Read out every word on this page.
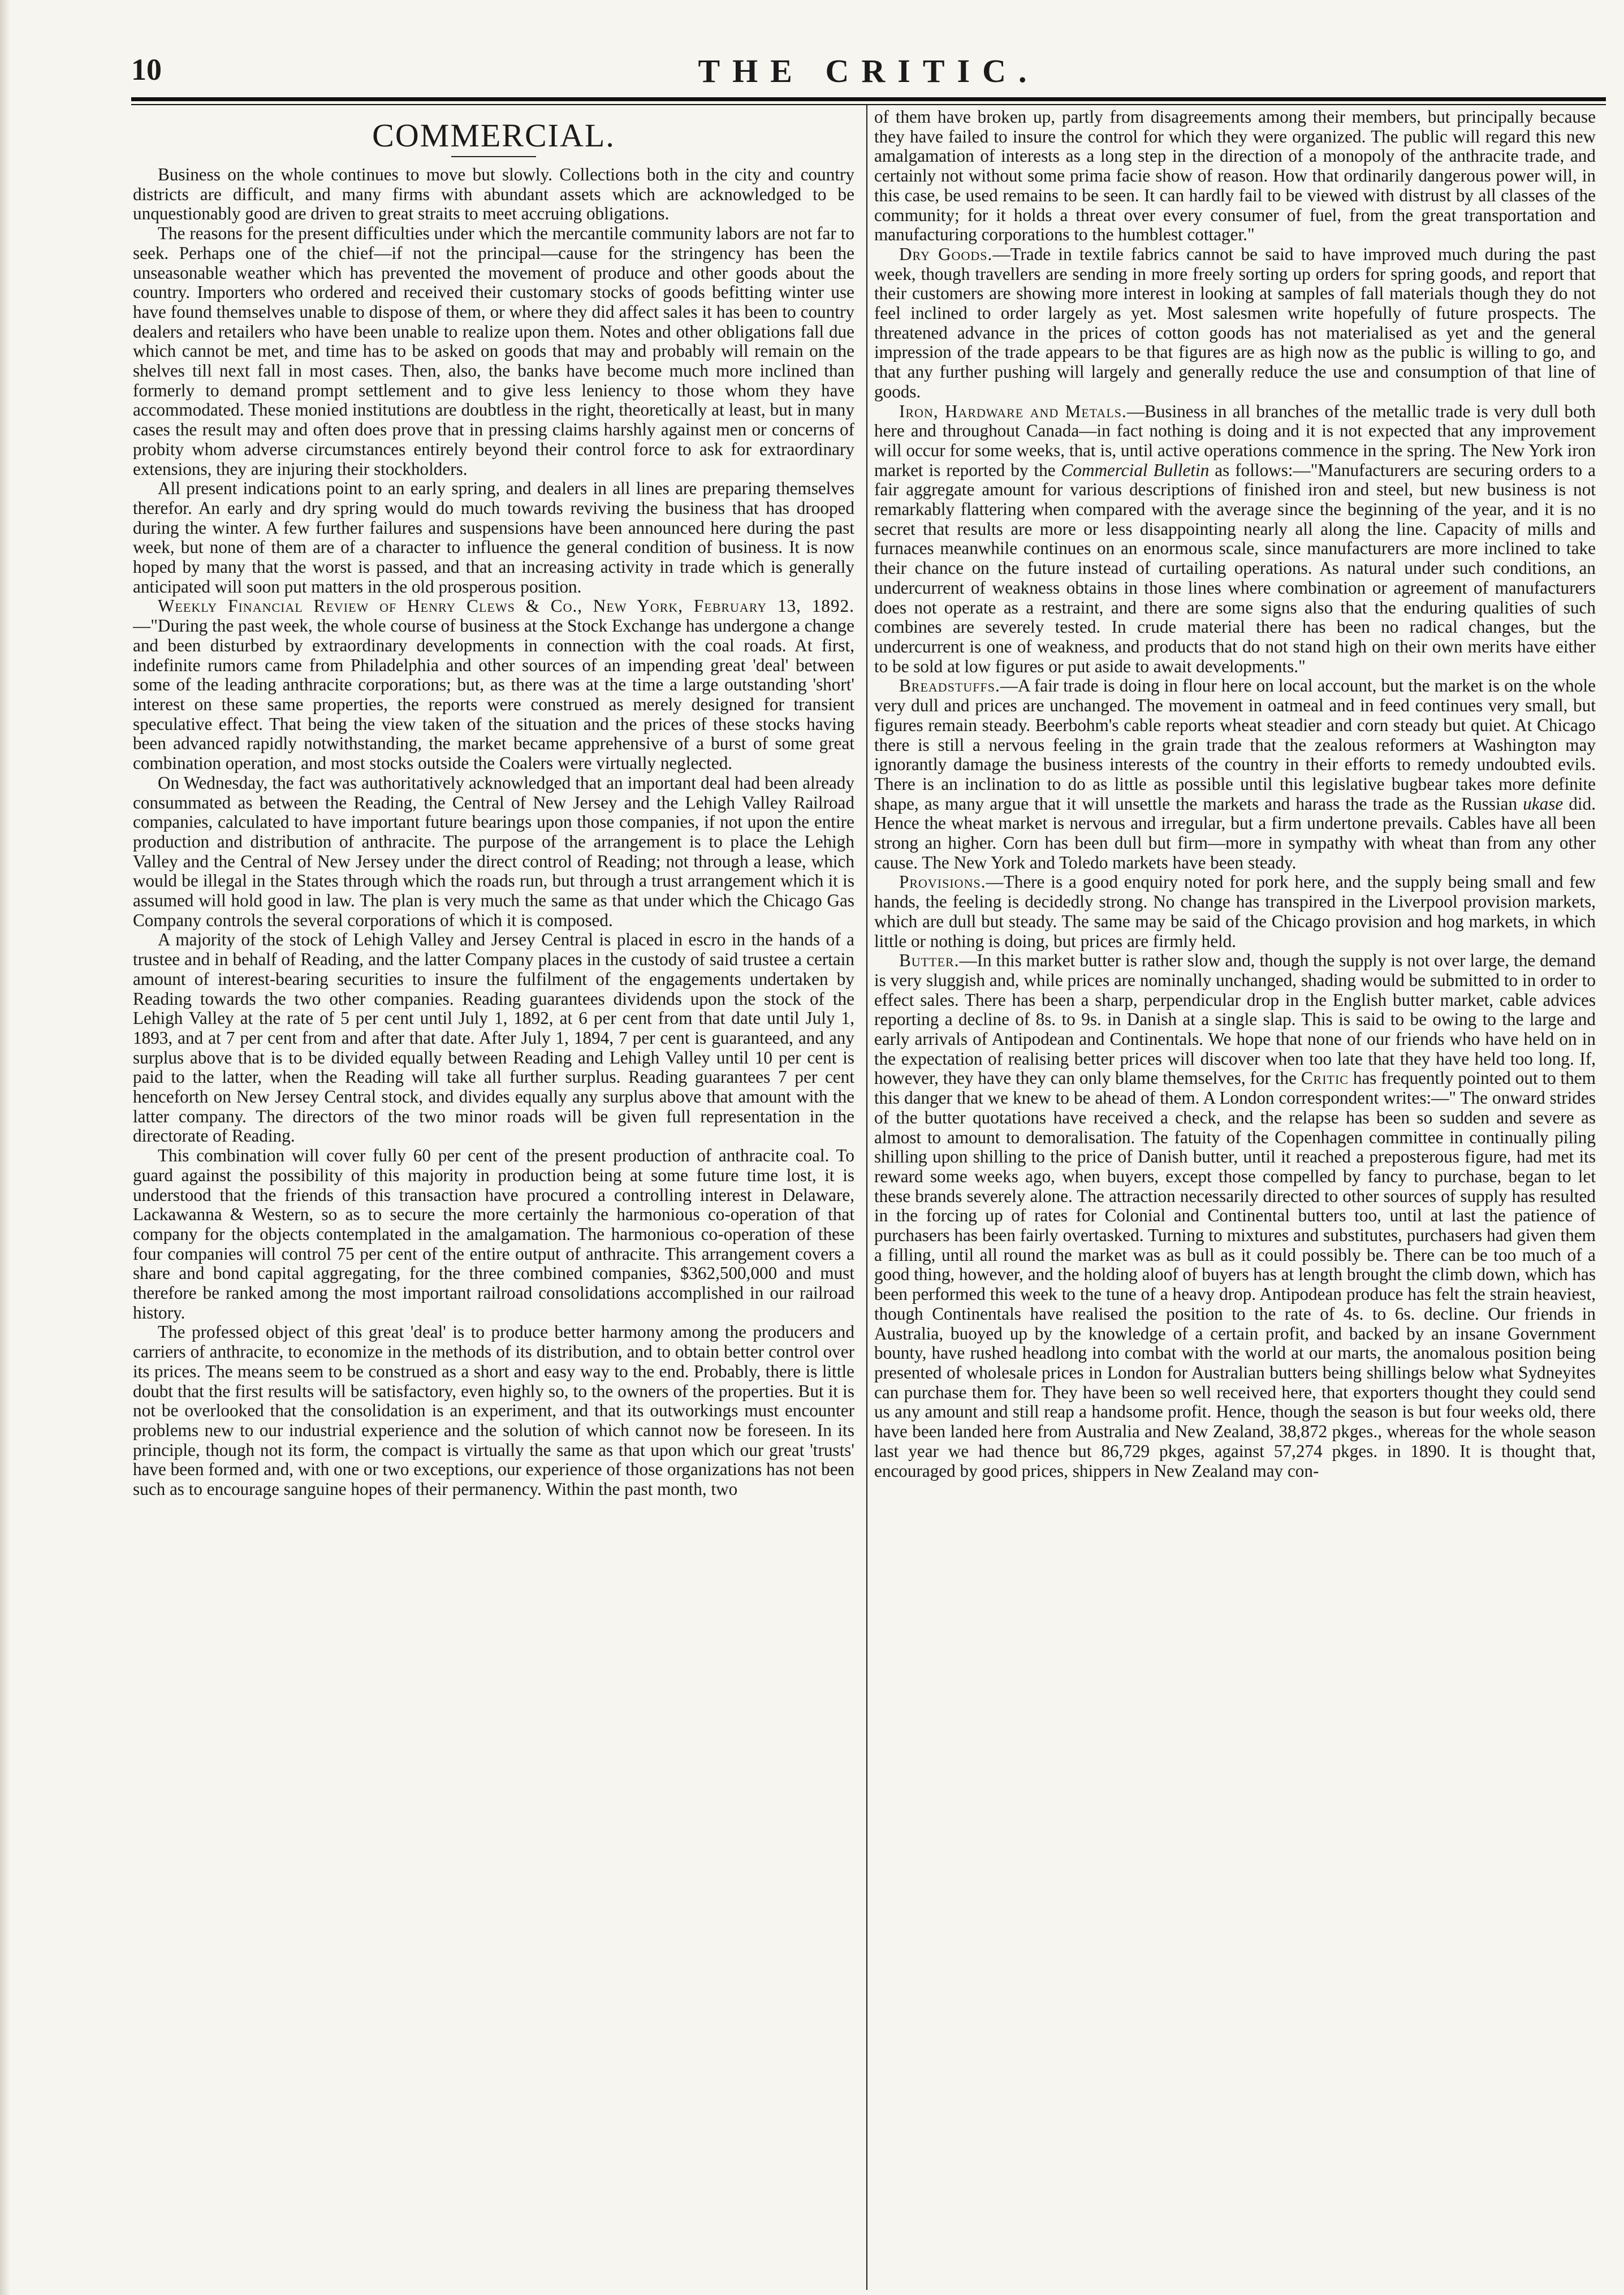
10	THE CRITIC.
COMMERCIAL.

Business on the whole continues to move but slowly. Collections both in the city and country districts are difficult, and many firms with abundant assets which are acknowledged to be unquestionably good are driven to great straits to meet accruing obligations.

The reasons for the present difficulties under which the mercantile community labors are not far to seek. Perhaps one of the chief—if not the principal—cause for the stringency has been the unseasonable weather which has prevented the movement of produce and other goods about the country. Importers who ordered and received their customary stocks of goods befitting winter use have found themselves unable to dispose of them, or where they did affect sales it has been to country dealers and retailers who have been unable to realize upon them. Notes and other obligations fall due which cannot be met, and time has to be asked on goods that may and probably will remain on the shelves till next fall in most cases. Then, also, the banks have become much more inclined than formerly to demand prompt settlement and to give less leniency to those whom they have accommodated. These monied institutions are doubtless in the right, theoretically at least, but in many cases the result may and often does prove that in pressing claims harshly against men or concerns of probity whom adverse circumstances entirely beyond their control force to ask for extraordinary extensions, they are injuring their stockholders.

All present indications point to an early spring, and dealers in all lines are preparing themselves therefor. An early and dry spring would do much towards reviving the business that has drooped during the winter. A few further failures and suspensions have been announced here during the past week, but none of them are of a character to influence the general condition of business. It is now hoped by many that the worst is passed, and that an increasing activity in trade which is generally anticipated will soon put matters in the old prosperous position.

Weekly Financial Review of Henry Clews & Co., New York, February 13, 1892.—"During the past week, the whole course of business at the Stock Exchange has undergone a change and been disturbed by extraordinary developments in connection with the coal roads. At first, indefinite rumors came from Philadelphia and other sources of an impending great 'deal' between some of the leading anthracite corporations; but, as there was at the time a large outstanding 'short' interest on these same properties, the reports were construed as merely designed for transient speculative effect. That being the view taken of the situation and the prices of these stocks having been advanced rapidly notwithstanding, the market became apprehensive of a burst of some great combination operation, and most stocks outside the Coalers were virtually neglected.

On Wednesday, the fact was authoritatively acknowledged that an important deal had been already consummated as between the Reading, the Central of New Jersey and the Lehigh Valley Railroad companies, calculated to have important future bearings upon those companies, if not upon the entire production and distribution of anthracite. The purpose of the arrangement is to place the Lehigh Valley and the Central of New Jersey under the direct control of Reading; not through a lease, which would be illegal in the States through which the roads run, but through a trust arrangement which it is assumed will hold good in law. The plan is very much the same as that under which the Chicago Gas Company controls the several corporations of which it is composed.

A majority of the stock of Lehigh Valley and Jersey Central is placed in escro in the hands of a trustee and in behalf of Reading, and the latter Company places in the custody of said trustee a certain amount of interest-bearing securities to insure the fulfilment of the engagements undertaken by Reading towards the two other companies. Reading guarantees dividends upon the stock of the Lehigh Valley at the rate of 5 per cent until July 1, 1892, at 6 per cent from that date until July 1, 1893, and at 7 per cent from and after that date. After July 1, 1894, 7 per cent is guaranteed, and any surplus above that is to be divided equally between Reading and Lehigh Valley until 10 per cent is paid to the latter, when the Reading will take all further surplus. Reading guarantees 7 per cent henceforth on New Jersey Central stock, and divides equally any surplus above that amount with the latter company. The directors of the two minor roads will be given full representation in the directorate of Reading.

This combination will cover fully 60 per cent of the present production of anthracite coal. To guard against the possibility of this majority in production being at some future time lost, it is understood that the friends of this transaction have procured a controlling interest in Delaware, Lackawanna & Western, so as to secure the more certainly the harmonious co-operation of that company for the objects contemplated in the amalgamation. The harmonious co-operation of these four companies will control 75 per cent of the entire output of anthracite. This arrangement covers a share and bond capital aggregating, for the three combined companies, $362,500,000 and must therefore be ranked among the most important railroad consolidations accomplished in our railroad history.

The professed object of this great 'deal' is to produce better harmony among the producers and carriers of anthracite, to economize in the methods of its distribution, and to obtain better control over its prices. The means seem to be construed as a short and easy way to the end. Probably, there is little doubt that the first results will be satisfactory, even highly so, to the owners of the properties. But it is not be overlooked that the consolidation is an experiment, and that its outworkings must encounter problems new to our industrial experience and the solution of which cannot now be foreseen. In its principle, though not its form, the compact is virtually the same as that upon which our great 'trusts' have been formed and, with one or two exceptions, our experience of those organizations has not been such as to encourage sanguine hopes of their permanency. Within the past month, two

of them have broken up, partly from disagreements among their members, but principally because they have failed to insure the control for which they were organized. The public will regard this new amalgamation of interests as a long step in the direction of a monopoly of the anthracite trade, and certainly not without some prima facie show of reason. How that ordinarily dangerous power will, in this case, be used remains to be seen. It can hardly fail to be viewed with distrust by all classes of the community; for it holds a threat over every consumer of fuel, from the great transportation and manufacturing corporations to the humblest cottager."

Dry Goods.—Trade in textile fabrics cannot be said to have improved much during the past week, though travellers are sending in more freely sorting up orders for spring goods, and report that their customers are showing more interest in looking at samples of fall materials though they do not feel inclined to order largely as yet. Most salesmen write hopefully of future prospects. The threatened advance in the prices of cotton goods has not materialised as yet and the general impression of the trade appears to be that figures are as high now as the public is willing to go, and that any further pushing will largely and generally reduce the use and consumption of that line of goods.

Iron, Hardware and Metals.—Business in all branches of the metallic trade is very dull both here and throughout Canada—in fact nothing is doing and it is not expected that any improvement will occur for some weeks, that is, until active operations commence in the spring. The New York iron market is reported by the Commercial Bulletin as follows:—"Manufacturers are securing orders to a fair aggregate amount for various descriptions of finished iron and steel, but new business is not remarkably flattering when compared with the average since the beginning of the year, and it is no secret that results are more or less disappointing nearly all along the line. Capacity of mills and furnaces meanwhile continues on an enormous scale, since manufacturers are more inclined to take their chance on the future instead of curtailing operations. As natural under such conditions, an undercurrent of weakness obtains in those lines where combination or agreement of manufacturers does not operate as a restraint, and there are some signs also that the enduring qualities of such combines are severely tested. In crude material there has been no radical changes, but the undercurrent is one of weakness, and products that do not stand high on their own merits have either to be sold at low figures or put aside to await developments."

Breadstuffs.—A fair trade is doing in flour here on local account, but the market is on the whole very dull and prices are unchanged. The movement in oatmeal and in feed continues very small, but figures remain steady. Beerbohm's cable reports wheat steadier and corn steady but quiet. At Chicago there is still a nervous feeling in the grain trade that the zealous reformers at Washington may ignorantly damage the business interests of the country in their efforts to remedy undoubted evils. There is an inclination to do as little as possible until this legislative bugbear takes more definite shape, as many argue that it will unsettle the markets and harass the trade as the Russian ukase did. Hence the wheat market is nervous and irregular, but a firm undertone prevails. Cables have all been strong an higher. Corn has been dull but firm—more in sympathy with wheat than from any other cause. The New York and Toledo markets have been steady.

Provisions.—There is a good enquiry noted for pork here, and the supply being small and few hands, the feeling is decidedly strong. No change has transpired in the Liverpool provision markets, which are dull but steady. The same may be said of the Chicago provision and hog markets, in which little or nothing is doing, but prices are firmly held.

Butter.—In this market butter is rather slow and, though the supply is not over large, the demand is very sluggish and, while prices are nominally unchanged, shading would be submitted to in order to effect sales. There has been a sharp, perpendicular drop in the English butter market, cable advices reporting a decline of 8s. to 9s. in Danish at a single slap. This is said to be owing to the large and early arrivals of Antipodean and Continentals. We hope that none of our friends who have held on in the expectation of realising better prices will discover when too late that they have held too long. If, however, they have they can only blame themselves, for the Critic has frequently pointed out to them this danger that we knew to be ahead of them. A London correspondent writes:—" The onward strides of the butter quotations have received a check, and the relapse has been so sudden and severe as almost to amount to demoralisation. The fatuity of the Copenhagen committee in continually piling shilling upon shilling to the price of Danish butter, until it reached a preposterous figure, had met its reward some weeks ago, when buyers, except those compelled by fancy to purchase, began to let these brands severely alone. The attraction necessarily directed to other sources of supply has resulted in the forcing up of rates for Colonial and Continental butters too, until at last the patience of purchasers has been fairly overtasked. Turning to mixtures and substitutes, purchasers had given them a filling, until all round the market was as bull as it could possibly be. There can be too much of a good thing, however, and the holding aloof of buyers has at length brought the climb down, which has been performed this week to the tune of a heavy drop. Antipodean produce has felt the strain heaviest, though Continentals have realised the position to the rate of 4s. to 6s. decline. Our friends in Australia, buoyed up by the knowledge of a certain profit, and backed by an insane Government bounty, have rushed headlong into combat with the world at our marts, the anomalous position being presented of wholesale prices in London for Australian butters being shillings below what Sydneyites can purchase them for. They have been so well received here, that exporters thought they could send us any amount and still reap a handsome profit. Hence, though the season is but four weeks old, there have been landed here from Australia and New Zealand, 38,872 pkges., whereas for the whole season last year we had thence but 86,729 pkges, against 57,274 pkges. in 1890. It is thought that, encouraged by good prices, shippers in New Zealand may con-
